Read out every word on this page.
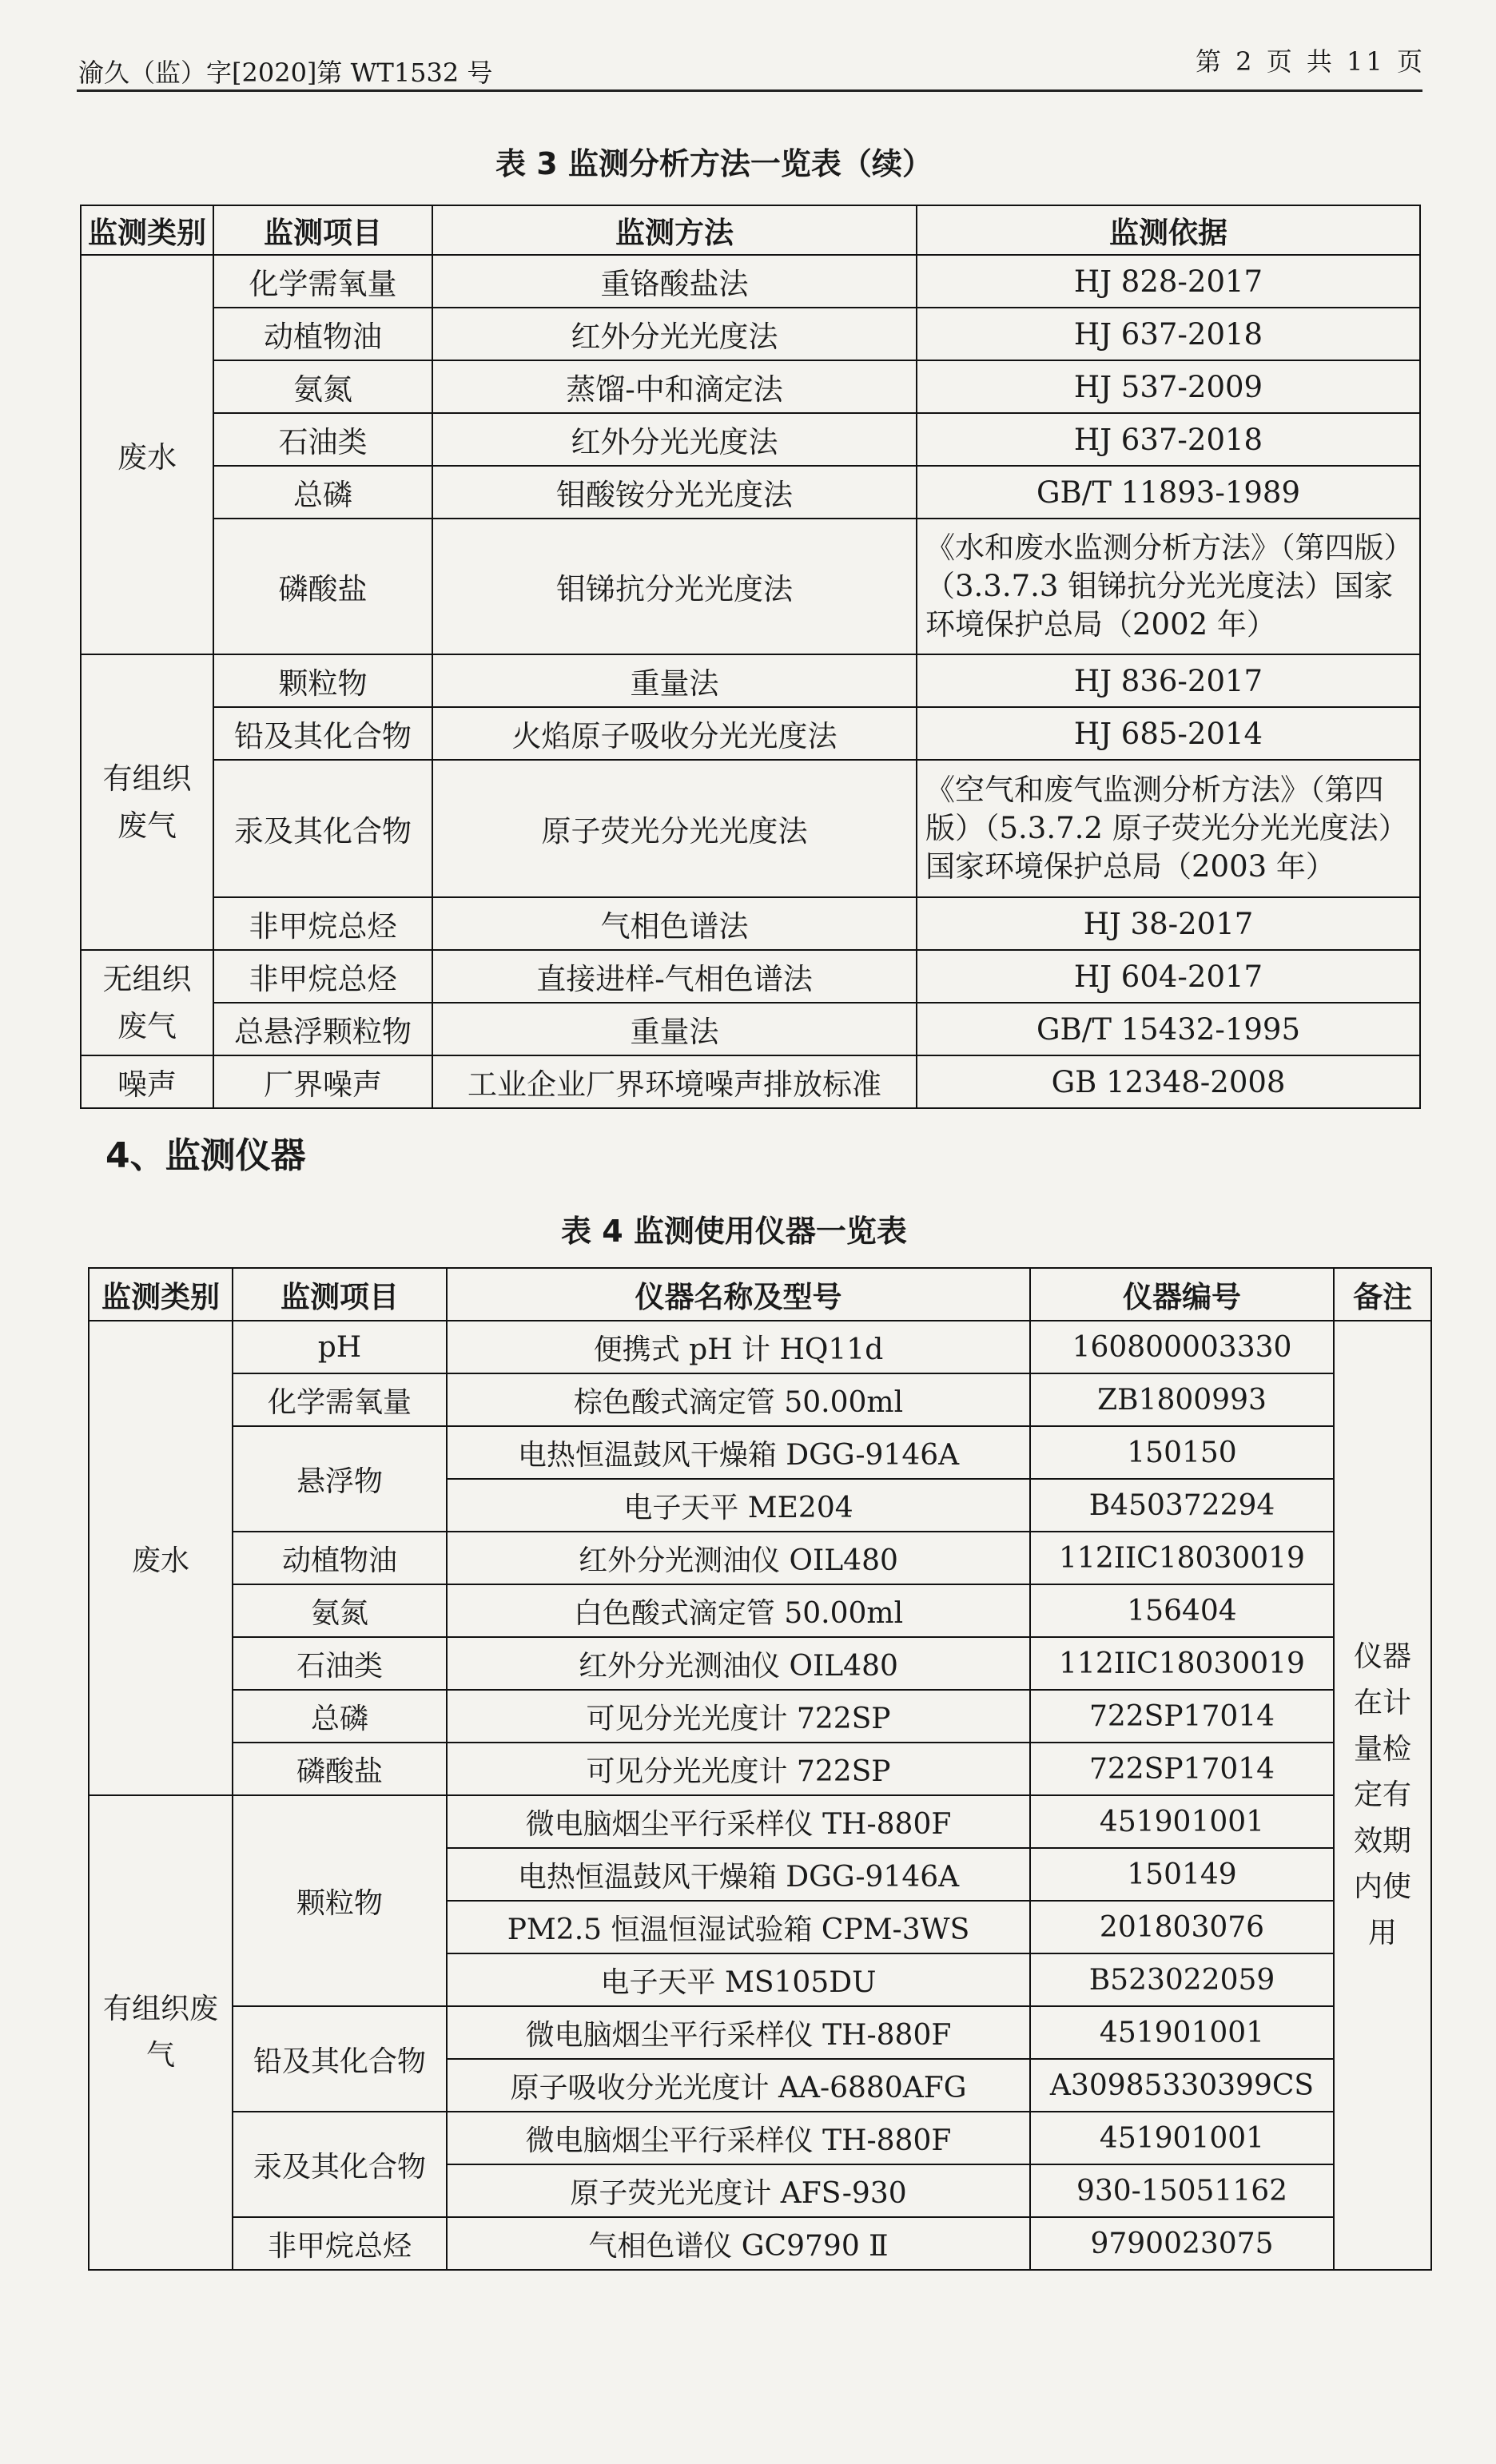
渝久（监）字[2020]第 WT1532 号	第 2 页 共 11 页
表 3 监测分析方法一览表（续）
监测类别	监测项目	监测方法	监测依据
废水	化学需氧量	重铬酸盐法	HJ 828-2017
	动植物油	红外分光光度法	HJ 637-2018
	氨氮	蒸馏-中和滴定法	HJ 537-2009
	石油类	红外分光光度法	HJ 637-2018
	总磷	钼酸铵分光光度法	GB/T 11893-1989
	磷酸盐	钼锑抗分光光度法	《水和废水监测分析方法》（第四版）（3.3.7.3 钼锑抗分光光度法）国家环境保护总局（2002 年）
有组织废气	颗粒物	重量法	HJ 836-2017
	铅及其化合物	火焰原子吸收分光光度法	HJ 685-2014
	汞及其化合物	原子荧光分光光度法	《空气和废气监测分析方法》（第四版）（5.3.7.2 原子荧光分光光度法）国家环境保护总局（2003 年）
	非甲烷总烃	气相色谱法	HJ 38-2017
无组织废气	非甲烷总烃	直接进样-气相色谱法	HJ 604-2017
	总悬浮颗粒物	重量法	GB/T 15432-1995
噪声	厂界噪声	工业企业厂界环境噪声排放标准	GB 12348-2008
4、监测仪器
表 4 监测使用仪器一览表
监测类别	监测项目	仪器名称及型号	仪器编号	备注
废水	pH	便携式 pH 计 HQ11d	160800003330	仪器在计量检定有效期内使用
	化学需氧量	棕色酸式滴定管 50.00ml	ZB1800993	
	悬浮物	电热恒温鼓风干燥箱 DGG-9146A	150150	
		电子天平 ME204	B450372294	
	动植物油	红外分光测油仪 OIL480	112IIC18030019	
	氨氮	白色酸式滴定管 50.00ml	156404	
	石油类	红外分光测油仪 OIL480	112IIC18030019	
	总磷	可见分光光度计 722SP	722SP17014	
	磷酸盐	可见分光光度计 722SP	722SP17014	
有组织废气	颗粒物	微电脑烟尘平行采样仪 TH-880F	451901001	
		电热恒温鼓风干燥箱 DGG-9146A	150149	
		PM2.5 恒温恒湿试验箱 CPM-3WS	201803076	
		电子天平 MS105DU	B523022059	
	铅及其化合物	微电脑烟尘平行采样仪 TH-880F	451901001	
		原子吸收分光光度计 AA-6880AFG	A30985330399CS	
	汞及其化合物	微电脑烟尘平行采样仪 TH-880F	451901001	
		原子荧光光度计 AFS-930	930-15051162	
	非甲烷总烃	气相色谱仪 GC9790 Ⅱ	9790023075	
